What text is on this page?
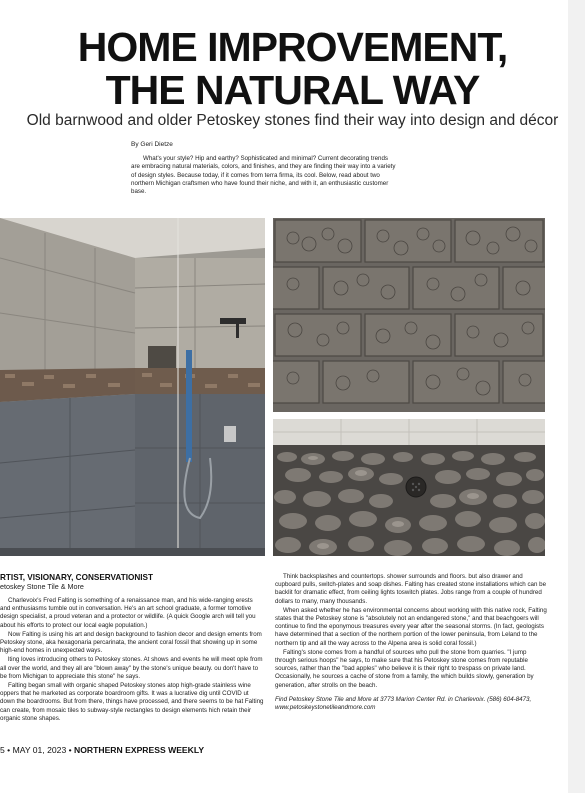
HOME IMPROVEMENT,
THE NATURAL WAY
Old barnwood and older Petoskey stones find their way into design and décor
By Geri Dietze

What's your style? Hip and earthy? Sophisticated and minimal? Current decorating trends are embracing natural materials, colors, and finishes, and they are finding their way into a variety of design styles. Because today, if it comes from terra firma, its cool. Below, read about two northern Michigan craftsmen who have found their niche, and with it, an enthusiastic customer base.

RTIST, VISIONARY, CONSERVATIONIST

etoskey Stone Tile & More

Charlevoix's Fred Falting is something of a renaissance man, and his wide-ranging erests and enthusiasms tumble out in conversation. He's an art school graduate, a former tomotive design specialist, a proud veteran and a protector or wildlife. (A quick Google arch will tell you about his efforts to protect our local eagle population.)

Now Falting is using his art and design background to fashion decor and design ements from Petoskey stone, aka hexagonaria percarinata, the ancient coral fossil that showing up in some high-end homes in unexpected ways.

lting loves introducing others to Petoskey stones. At shows and events he will meet ople from all over the world, and they all are "blown away" by the stone's unique beauty. ou don't have to be from Michigan to appreciate this stone" he says.

Falting began small with organic shaped Petoskey stones atop high-grade stainless wine oppers that he marketed as corporate boardroom gifts. It was a lucrative dig until COVID ut down the boardrooms. But from there, things have processed, and there seems to be hat Falting can create, from mosaic tiles to subway-style rectangles to design elements hich retain their organic stone shapes.

Think backsplashes and countertops. shower surrounds and floors. but also drawer and cupboard pulls, switch-plates and soap dishes. Falting has created stone installations which can be backlit for dramatic effect, from ceiling lights toswitch plates. Jobs range from a couple of hundred dollars to many, many thousands.

When asked whether he has environmental concerns about working with this native rock, Falting states that the Petoskey stone is "absolutely not an endangered stone," and that beachgoers will continue to find the eponymous treasures every year after the seasonal storms. (In fact, geologists have determined that a section of the northern portion of the lower peninsula, from Leland to the northern tip and all the way across to the Alpena area is solid coral fossil.)

Falting's stone comes from a handful of sources who pull the stone from quarries. "I jump through serious hoops" he says, to make sure that his Petoskey stone comes from reputable sources, rather than the "bad apples" who believe it is their right to trespass on private land. Occasionally, he sources a cache of stone from a family, the which builds slowly, generation by generation, after strolls on the beach.

Find Petoskey Stone Tile and More at 3773 Marion Center Rd. in Charlevoix. (586) 604-8473,
www.petoskeystonetileandmore.com
5 • MAY 01, 2023 • NORTHERN EXPRESS WEEKLY
